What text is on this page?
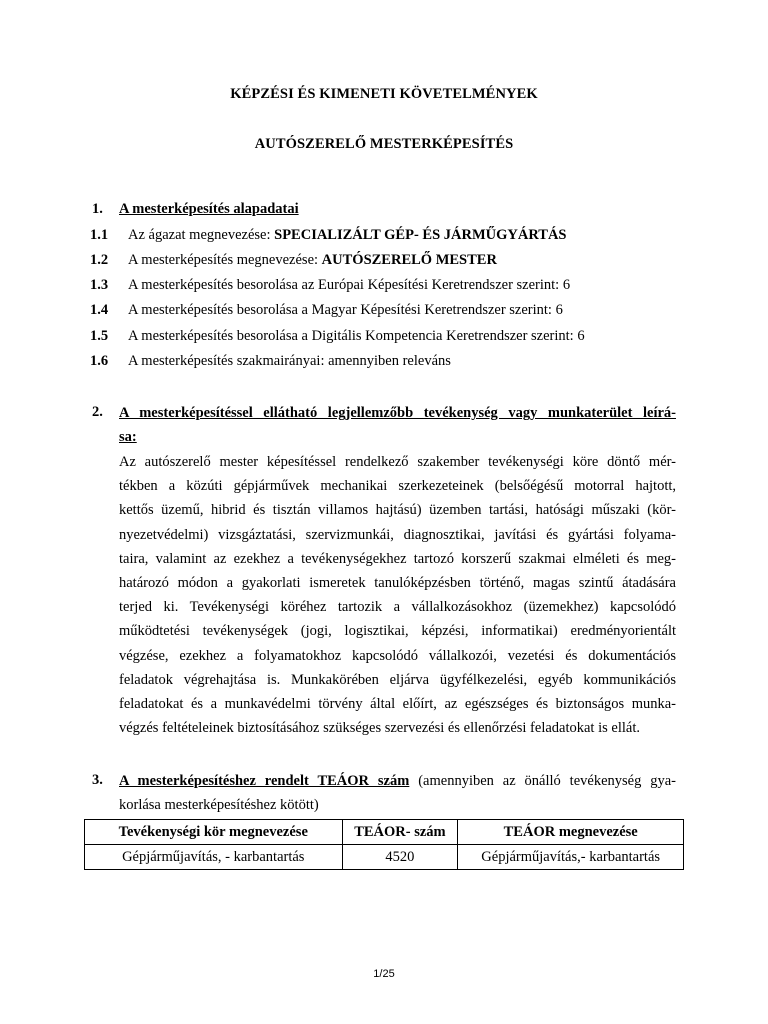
KÉPZÉSI ÉS KIMENETI KÖVETELMÉNYEK
AUTÓSZERELŐ MESTERKÉPESÍTÉS
1. A mesterképesítés alapadatai
1.1 Az ágazat megnevezése: SPECIALIZÁLT GÉP- ÉS JÁRMŰGYÁRTÁS
1.2 A mesterképesítés megnevezése: AUTÓSZERELŐ MESTER
1.3 A mesterképesítés besorolása az Európai Képesítési Keretrendszer szerint: 6
1.4 A mesterképesítés besorolása a Magyar Képesítési Keretrendszer szerint: 6
1.5 A mesterképesítés besorolása a Digitális Kompetencia Keretrendszer szerint: 6
1.6 A mesterképesítés szakmairányai: amennyiben releváns
2. A mesterképesítéssel ellátható legjellemzőbb tevékenység vagy munkaterület leírá-
sa:
Az autószerelő mester képesítéssel rendelkező szakember tevékenységi köre döntő mér-
tékben a közúti gépjárművek mechanikai szerkezeteinek (belsőégésű motorral hajtott,
kettős üzemű, hibrid és tisztán villamos hajtású) üzemben tartási, hatósági műszaki (kör-
nyezetvédelmi) vizsgáztatási, szervizmunkái, diagnosztikai, javítási és gyártási folyama-
taira, valamint az ezekhez a tevékenységekhez tartozó korszerű szakmai elméleti és meg-
határozó módon a gyakorlati ismeretek tanulóképzésben történő, magas szintű átadására
terjed ki. Tevékenységi köréhez tartozik a vállalkozásokhoz (üzemekhez) kapcsolódó
működtetési tevékenységek (jogi, logisztikai, képzési, informatikai) eredményorientált
végzése, ezekhez a folyamatokhoz kapcsolódó vállalkozói, vezetési és dokumentációs
feladatok végrehajtása is. Munkakörében eljárva ügyfélkezelési, egyéb kommunikációs
feladatokat és a munkavédelmi törvény által előírt, az egészséges és biztonságos munka-
végzés feltételeinek biztosításához szükséges szervezési és ellenőrzési feladatokat is ellát.
3. A mesterképesítéshez rendelt TEÁOR szám (amennyiben az önálló tevékenység gya-
korlása mesterképesítéshez kötött)
Tevékenységi kör megnevezése	TEÁOR- szám	TEÁOR megnevezése
Gépjárműjavítás, - karbantartás	4520	Gépjárműjavítás,- karbantartás
1/25
